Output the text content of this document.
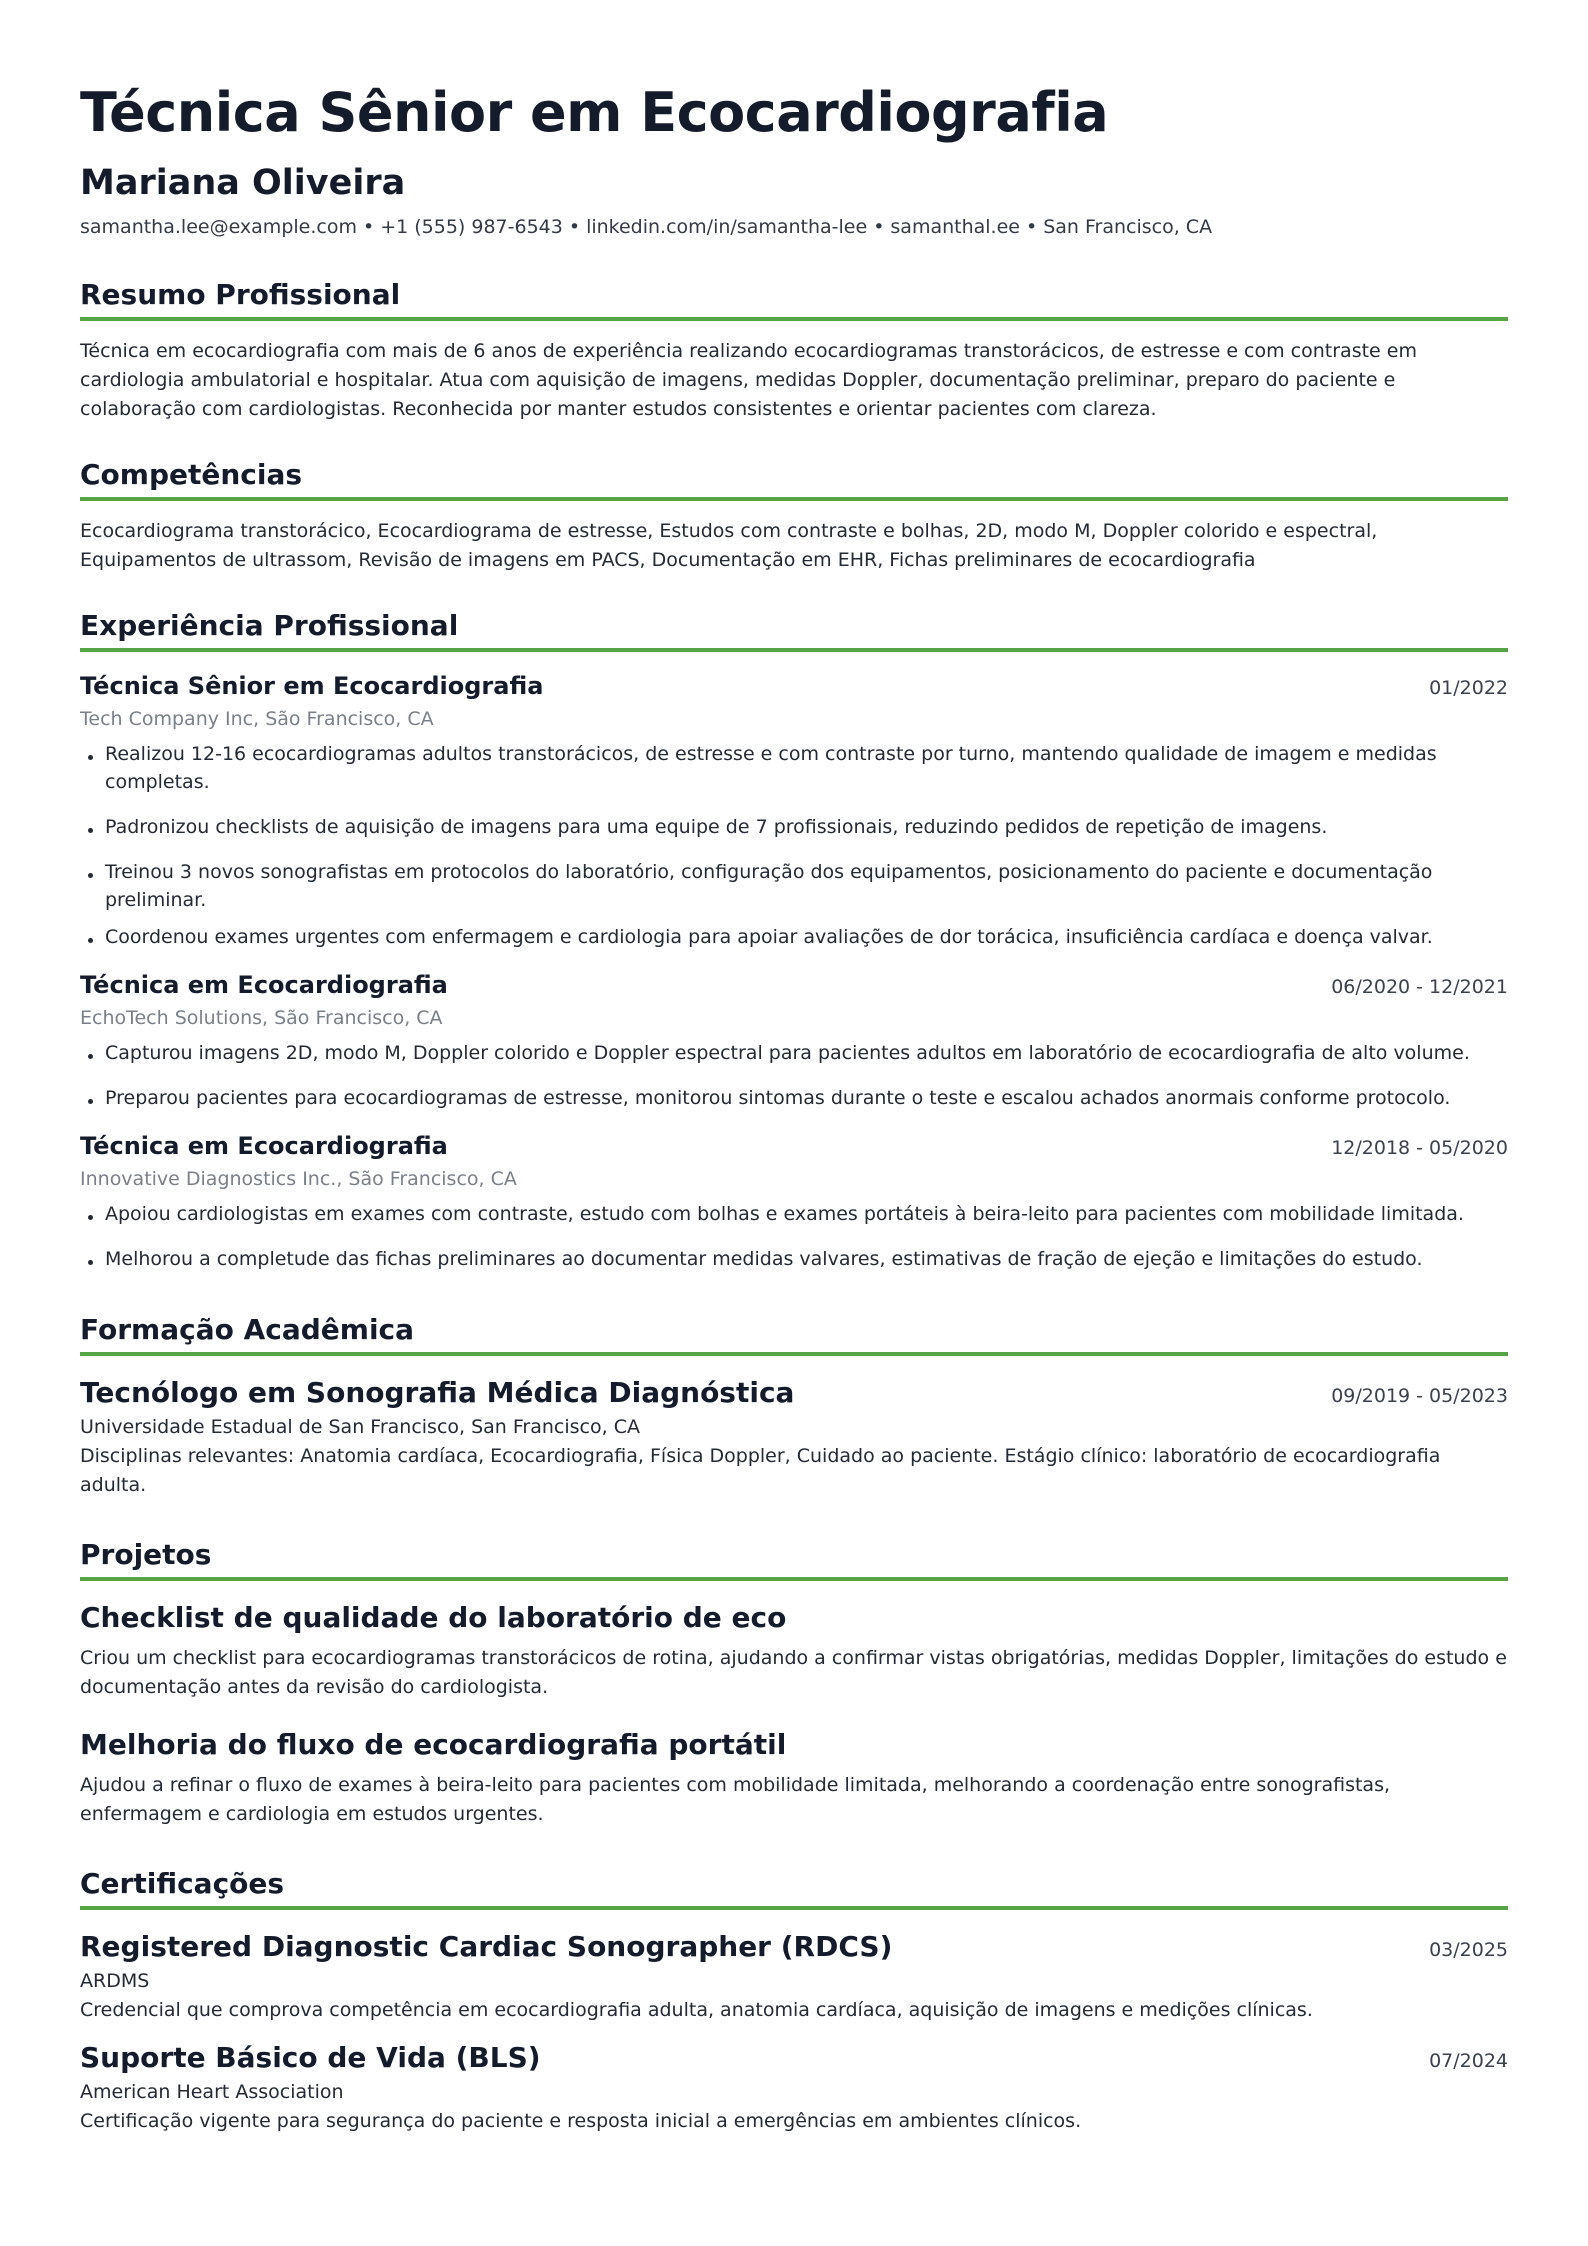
Técnica Sênior em Ecocardiografia
Mariana Oliveira
samantha.lee@example.com • +1 (555) 987-6543 • linkedin.com/in/samantha-lee • samanthal.ee • San Francisco, CA
Resumo Profissional
Técnica em ecocardiografia com mais de 6 anos de experiência realizando ecocardiogramas transtorácicos, de estresse e com contraste em cardiologia ambulatorial e hospitalar. Atua com aquisição de imagens, medidas Doppler, documentação preliminar, preparo do paciente e colaboração com cardiologistas. Reconhecida por manter estudos consistentes e orientar pacientes com clareza.
Competências
Ecocardiograma transtorácico, Ecocardiograma de estresse, Estudos com contraste e bolhas, 2D, modo M, Doppler colorido e espectral, Equipamentos de ultrassom, Revisão de imagens em PACS, Documentação em EHR, Fichas preliminares de ecocardiografia
Experiência Profissional
Técnica Sênior em Ecocardiografia	01/2022
Tech Company Inc, São Francisco, CA
Realizou 12-16 ecocardiogramas adultos transtorácicos, de estresse e com contraste por turno, mantendo qualidade de imagem e medidas completas.
Padronizou checklists de aquisição de imagens para uma equipe de 7 profissionais, reduzindo pedidos de repetição de imagens.
Treinou 3 novos sonografistas em protocolos do laboratório, configuração dos equipamentos, posicionamento do paciente e documentação preliminar.
Coordenou exames urgentes com enfermagem e cardiologia para apoiar avaliações de dor torácica, insuficiência cardíaca e doença valvar.
Técnica em Ecocardiografia	06/2020 - 12/2021
EchoTech Solutions, São Francisco, CA
Capturou imagens 2D, modo M, Doppler colorido e Doppler espectral para pacientes adultos em laboratório de ecocardiografia de alto volume.
Preparou pacientes para ecocardiogramas de estresse, monitorou sintomas durante o teste e escalou achados anormais conforme protocolo.
Técnica em Ecocardiografia	12/2018 - 05/2020
Innovative Diagnostics Inc., São Francisco, CA
Apoiou cardiologistas em exames com contraste, estudo com bolhas e exames portáteis à beira-leito para pacientes com mobilidade limitada.
Melhorou a completude das fichas preliminares ao documentar medidas valvares, estimativas de fração de ejeção e limitações do estudo.
Formação Acadêmica
Tecnólogo em Sonografia Médica Diagnóstica	09/2019 - 05/2023
Universidade Estadual de San Francisco, San Francisco, CA
Disciplinas relevantes: Anatomia cardíaca, Ecocardiografia, Física Doppler, Cuidado ao paciente. Estágio clínico: laboratório de ecocardiografia adulta.
Projetos
Checklist de qualidade do laboratório de eco
Criou um checklist para ecocardiogramas transtorácicos de rotina, ajudando a confirmar vistas obrigatórias, medidas Doppler, limitações do estudo e documentação antes da revisão do cardiologista.
Melhoria do fluxo de ecocardiografia portátil
Ajudou a refinar o fluxo de exames à beira-leito para pacientes com mobilidade limitada, melhorando a coordenação entre sonografistas, enfermagem e cardiologia em estudos urgentes.
Certificações
Registered Diagnostic Cardiac Sonographer (RDCS)	03/2025
ARDMS
Credencial que comprova competência em ecocardiografia adulta, anatomia cardíaca, aquisição de imagens e medições clínicas.
Suporte Básico de Vida (BLS)	07/2024
American Heart Association
Certificação vigente para segurança do paciente e resposta inicial a emergências em ambientes clínicos.
